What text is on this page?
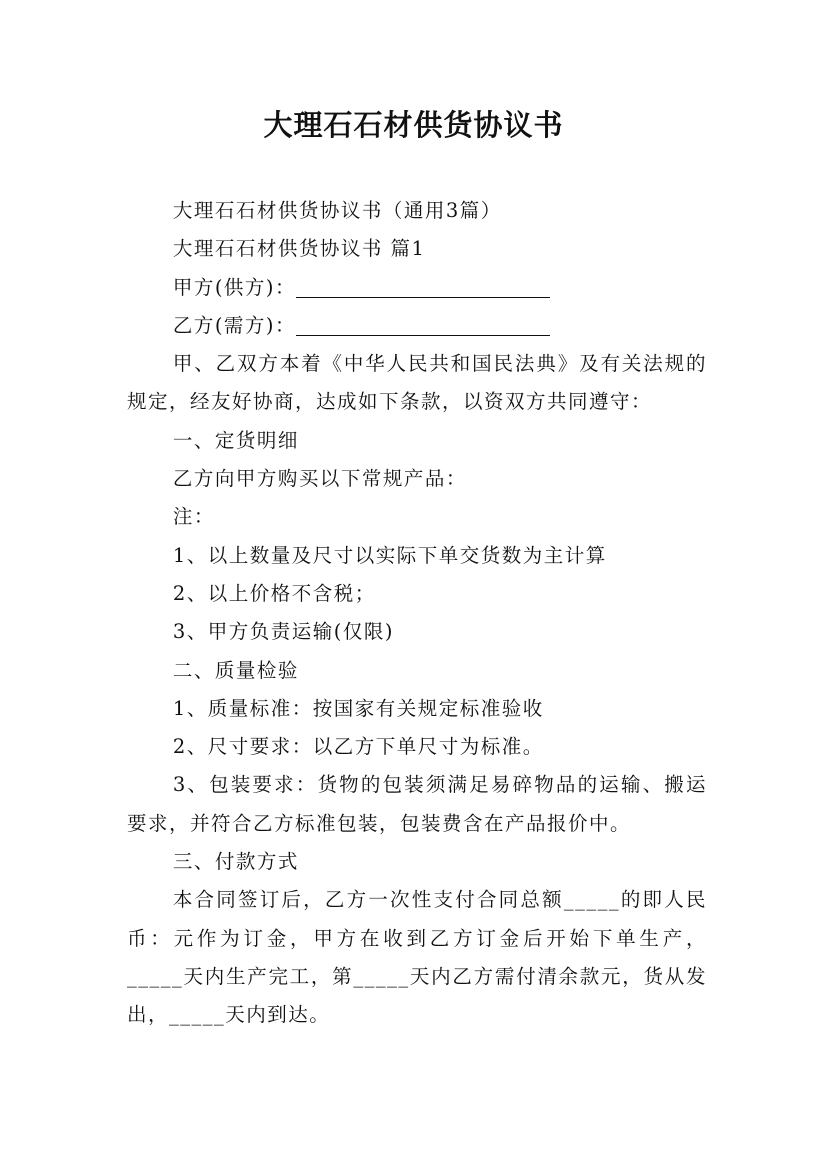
大理石石材供货协议书

大理石石材供货协议书（通用3篇）

大理石石材供货协议书 篇1

甲方(供方)：

乙方(需方)：

甲、乙双方本着《中华人民共和国民法典》及有关法规的规定，经友好协商，达成如下条款，以资双方共同遵守：

一、定货明细

乙方向甲方购买以下常规产品：

注：

1、以上数量及尺寸以实际下单交货数为主计算

2、以上价格不含税；

3、甲方负责运输(仅限)

二、质量检验

1、质量标准：按国家有关规定标准验收

2、尺寸要求：以乙方下单尺寸为标准。

3、包装要求：货物的包装须满足易碎物品的运输、搬运要求，并符合乙方标准包装，包装费含在产品报价中。

三、付款方式

本合同签订后，乙方一次性支付合同总额_____的即人民币：元作为订金，甲方在收到乙方订金后开始下单生产，_____天内生产完工，第_____天内乙方需付清余款元，货从发出，_____天内到达。
